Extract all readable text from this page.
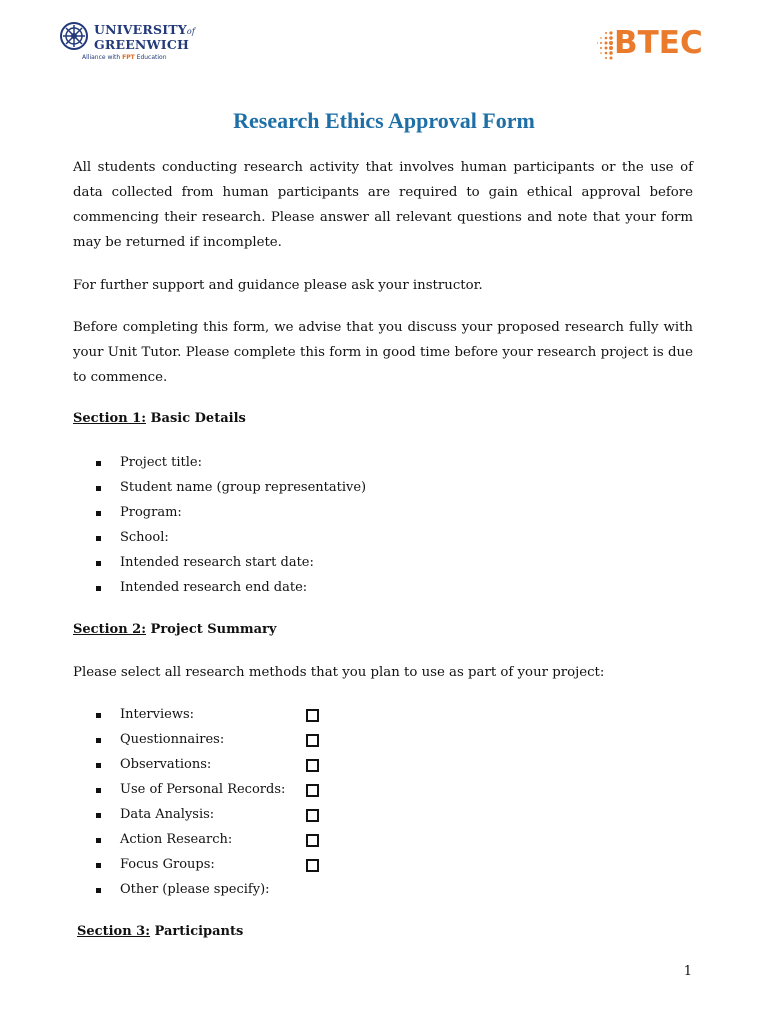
UNIVERSITYof
GREENWICH
Alliance with FPT Education	BTEC
Research Ethics Approval Form
All students conducting research activity that involves human participants or the use of data collected from human participants are required to gain ethical approval before commencing their research. Please answer all relevant questions and note that your form may be returned if incomplete.
For further support and guidance please ask your instructor.
Before completing this form, we advise that you discuss your proposed research fully with your Unit Tutor. Please complete this form in good time before your research project is due to commence.
Section 1: Basic Details
Project title:
Student name (group representative)
Program:
School:
Intended research start date:
Intended research end date:
Section 2: Project Summary
Please select all research methods that you plan to use as part of your project:
Interviews:
Questionnaires:
Observations:
Use of Personal Records:
Data Analysis:
Action Research:
Focus Groups:
Other (please specify):
Section 3: Participants
1
